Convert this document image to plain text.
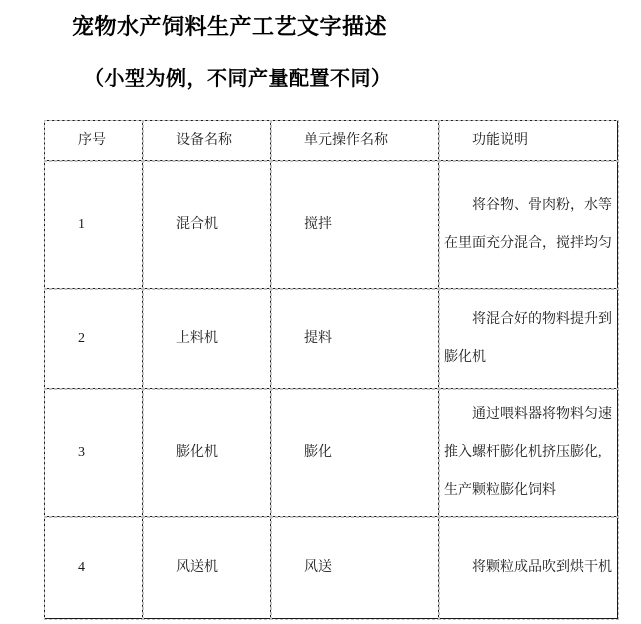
宠物水产饲料生产工艺文字描述
（小型为例，不同产量配置不同）
序号	设备名称	单元操作名称	功能说明
1	混合机	搅拌	将谷物、骨肉粉，水等在里面充分混合，搅拌均匀
2	上料机	提料	将混合好的物料提升到膨化机
3	膨化机	膨化	通过喂料器将物料匀速推入螺杆膨化机挤压膨化,生产颗粒膨化饲料
4	风送机	风送	将颗粒成品吹到烘干机
